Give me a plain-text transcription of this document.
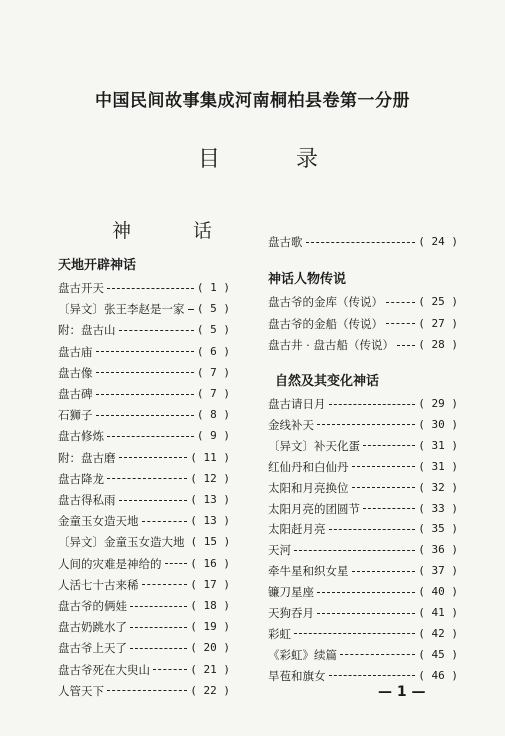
中国民间故事集成河南桐柏县卷第一分册
目	录
神	话
天地开辟神话
盘古开天	( 1 )
〔异文〕张王李赵是一家 ( 5 )
附：盘古山	( 5 )
盘古庙	( 6 )
盘古像	( 7 )
盘古碑	( 7 )
石狮子	( 8 )
盘古修炼	( 9 )
附：盘古磨	( 11 )
盘古降龙	( 12 )
盘古得私雨	( 13 )
金童玉女造天地	( 13 )
〔异文〕金童玉女造大地 ( 15 )
人间的灾难是神给的	( 16 )
人活七十古来稀	( 17 )
盘古爷的俩娃	( 18 )
盘古奶跳水了	( 19 )
盘古爷上天了	( 20 )
盘古爷死在大臾山	( 21 )
人管天下	( 22 )
盘古歌	( 24 )
盘古爷的金库（传说）	( 25 )
盘古爷的金船（传说）	( 27 )
盘古井 · 盘古船（传说） ( 28 )
盘古请日月	( 29 )
金线补天	( 30 )
〔异文〕补天化蛋	( 31 )
红仙丹和白仙丹	( 31 )
太阳和月亮换位	( 32 )
太阳月亮的团圆节	( 33 )
太阳赶月亮	( 35 )
天河	( 36 )
牵牛星和织女星	( 37 )
镰刀星座	( 40 )
天狗吞月	( 41 )
彩虹	( 42 )
《彩虹》续篇	( 45 )
旱苞和旗女	( 46 )
神话人物传说
自然及其变化神话
— 1 —
